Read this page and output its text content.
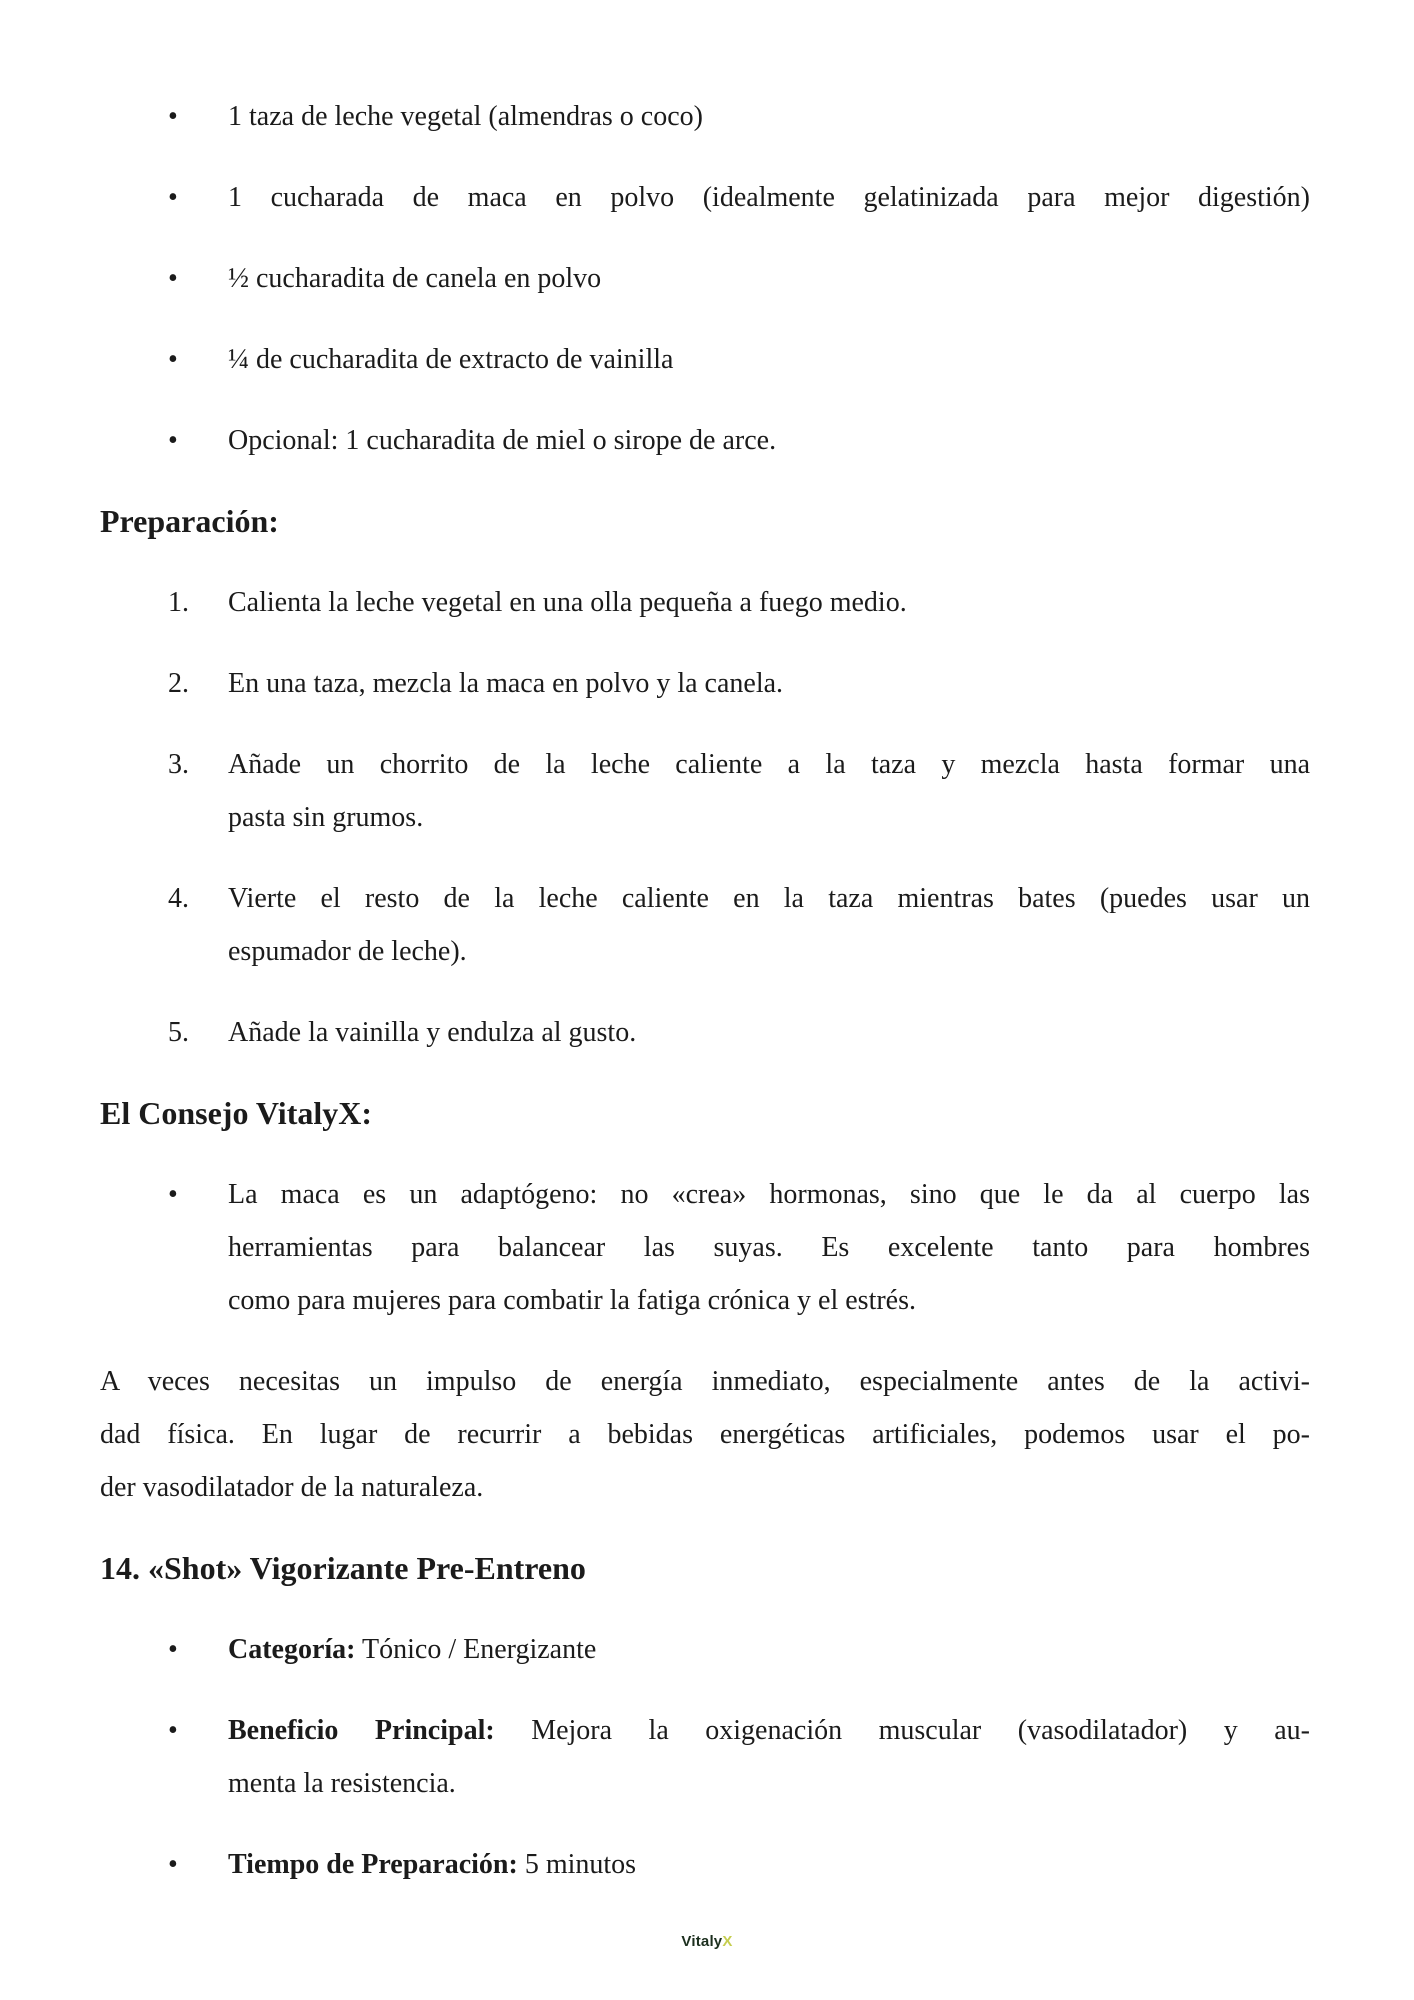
•	1 taza de leche vegetal (almendras o coco)
•	1 cucharada de maca en polvo (idealmente gelatinizada para mejor digestión)
•	½ cucharadita de canela en polvo
•	¼ de cucharadita de extracto de vainilla
•	Opcional: 1 cucharadita de miel o sirope de arce.
Preparación:
1.	Calienta la leche vegetal en una olla pequeña a fuego medio.
2.	En una taza, mezcla la maca en polvo y la canela.
3.	Añade un chorrito de la leche caliente a la taza y mezcla hasta formar una
pasta sin grumos.
4.	Vierte el resto de la leche caliente en la taza mientras bates (puedes usar un
espumador de leche).
5.	Añade la vainilla y endulza al gusto.
El Consejo VitalyX:
•	La maca es un adaptógeno: no «crea» hormonas, sino que le da al cuerpo las
herramientas para balancear las suyas. Es excelente tanto para hombres
como para mujeres para combatir la fatiga crónica y el estrés.
A veces necesitas un impulso de energía inmediato, especialmente antes de la activi-
dad física. En lugar de recurrir a bebidas energéticas artificiales, podemos usar el po-
der vasodilatador de la naturaleza.
14. «Shot» Vigorizante Pre-Entreno
•	Categoría: Tónico / Energizante
•	Beneficio Principal: Mejora la oxigenación muscular (vasodilatador) y au-
menta la resistencia.
•	Tiempo de Preparación: 5 minutos
VitalyX
